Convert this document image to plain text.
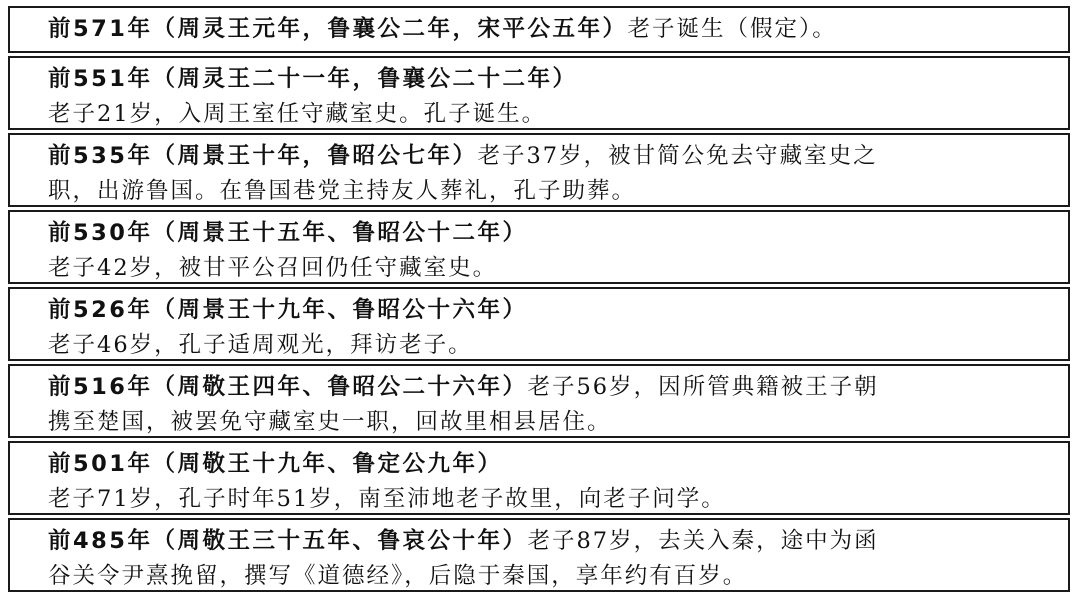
前571年（周灵王元年，鲁襄公二年，宋平公五年）老子诞生（假定）。
前551年（周灵王二十一年，鲁襄公二十二年）
老子21岁，入周王室任守藏室史。孔子诞生。
前535年（周景王十年，鲁昭公七年）老子37岁，被甘简公免去守藏室史之
职，出游鲁国。在鲁国巷党主持友人葬礼，孔子助葬。
前530年（周景王十五年、鲁昭公十二年）
老子42岁，被甘平公召回仍任守藏室史。
前526年（周景王十九年、鲁昭公十六年）
老子46岁，孔子适周观光，拜访老子。
前516年（周敬王四年、鲁昭公二十六年）老子56岁，因所管典籍被王子朝
携至楚国，被罢免守藏室史一职，回故里相县居住。
前501年（周敬王十九年、鲁定公九年）
老子71岁，孔子时年51岁，南至沛地老子故里，向老子问学。
前485年（周敬王三十五年、鲁哀公十年）老子87岁，去关入秦，途中为函
谷关令尹熹挽留，撰写《道德经》，后隐于秦国，享年约有百岁。
